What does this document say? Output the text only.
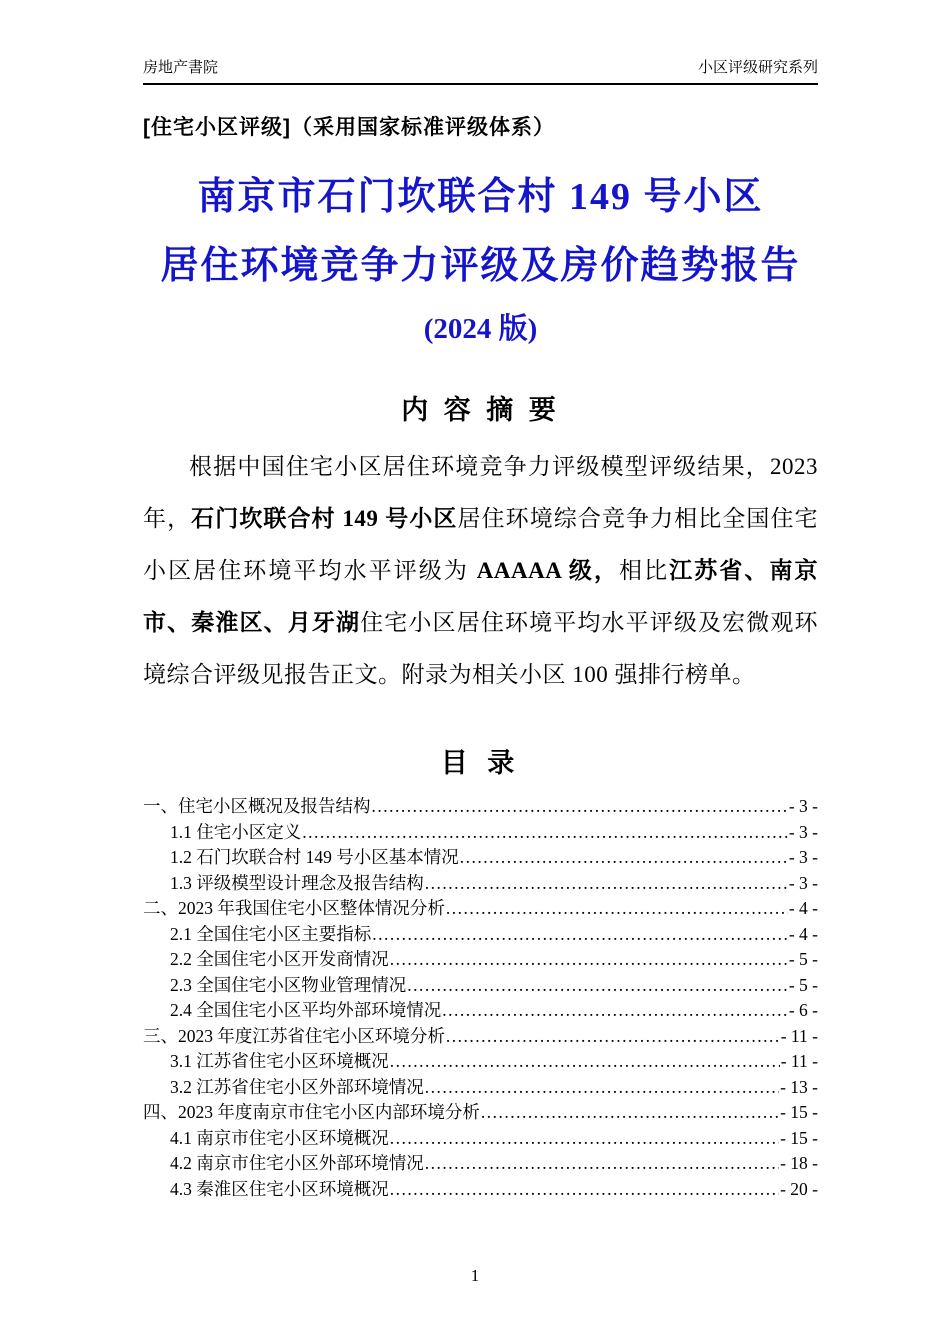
房地产書院	小区评级研究系列
[住宅小区评级]（采用国家标准评级体系）
南京市石门坎联合村 149 号小区
居住环境竞争力评级及房价趋势报告
(2024 版)
内 容 摘 要

根据中国住宅小区居住环境竞争力评级模型评级结果，2023 年，石门坎联合村 149 号小区居住环境综合竞争力相比全国住宅小区居住环境平均水平评级为 AAAAA 级，相比江苏省、南京市、秦淮区、月牙湖住宅小区居住环境平均水平评级及宏微观环境综合评级见报告正文。附录为相关小区 100 强排行榜单。

目 录
一、住宅小区概况及报告结构 .....	- 3 -
1.1 住宅小区定义 .....	- 3 -
1.2 石门坎联合村 149 号小区基本情况 .....	- 3 -
1.3 评级模型设计理念及报告结构 .....	- 3 -
二、2023 年我国住宅小区整体情况分析 .....	- 4 -
2.1 全国住宅小区主要指标 .....	- 4 -
2.2 全国住宅小区开发商情况 .....	- 5 -
2.3 全国住宅小区物业管理情况 .....	- 5 -
2.4 全国住宅小区平均外部环境情况 .....	- 6 -
三、2023 年度江苏省住宅小区环境分析 .....	- 11 -
3.1 江苏省住宅小区环境概况 .....	- 11 -
3.2 江苏省住宅小区外部环境情况 .....	- 13 -
四、2023 年度南京市住宅小区内部环境分析 .....	- 15 -
4.1 南京市住宅小区环境概况 .....	- 15 -
4.2 南京市住宅小区外部环境情况 .....	- 18 -
4.3 秦淮区住宅小区环境概况 .....	- 20 -
1
